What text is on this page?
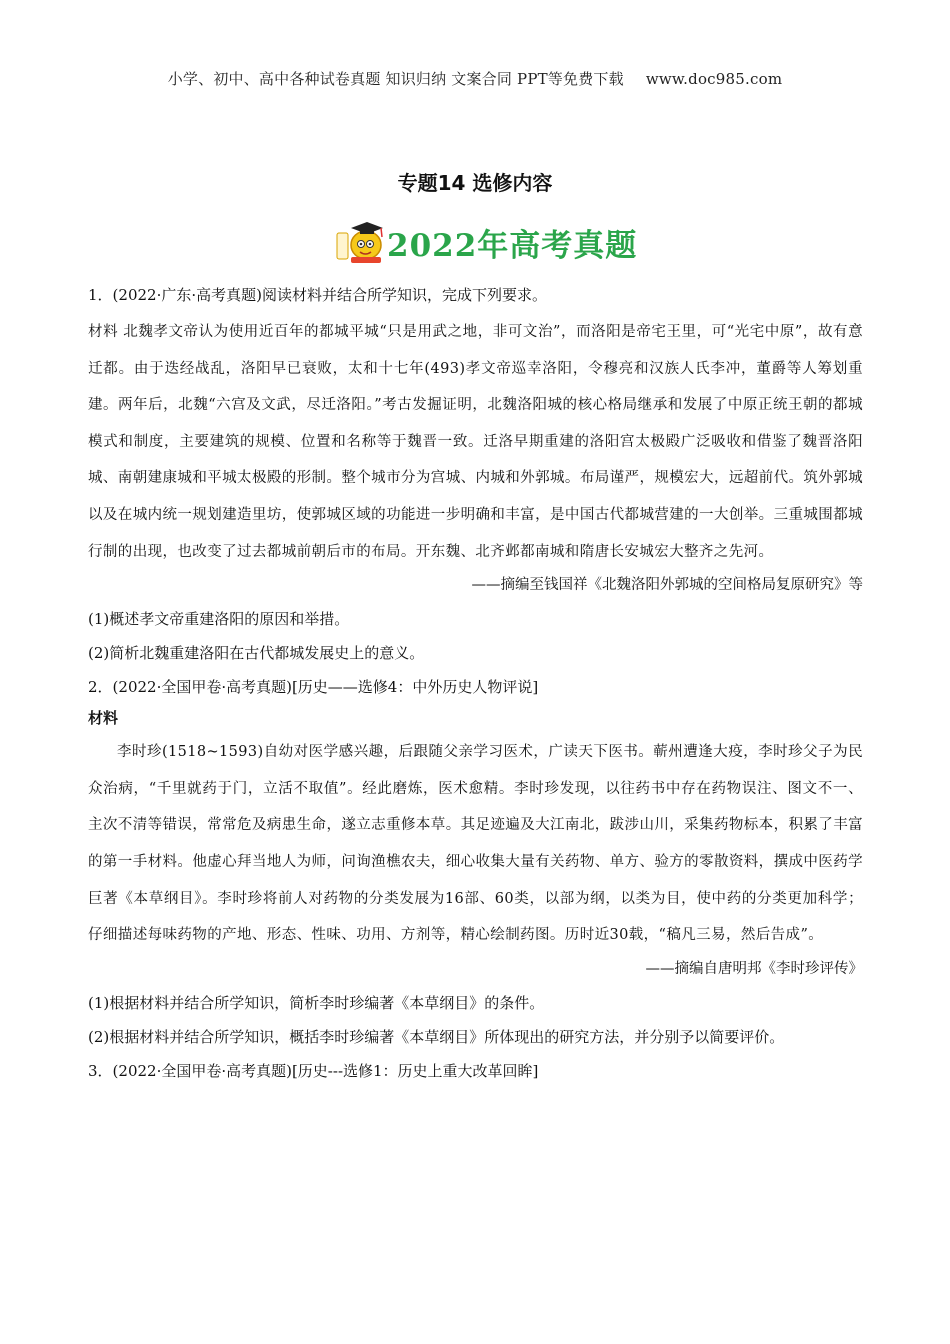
小学、初中、高中各种试卷真题 知识归纳 文案合同 PPT等免费下载 www.doc985.com
专题14 选修内容
2022年高考真题

1．(2022·广东·高考真题)阅读材料并结合所学知识，完成下列要求。

材料 北魏孝文帝认为使用近百年的都城平城“只是用武之地，非可文治”，而洛阳是帝宅王里，可“光宅中原”，故有意迁都。由于迭经战乱，洛阳早已衰败，太和十七年(493)孝文帝巡幸洛阳，令穆亮和汉族人氏李冲，董爵等人筹划重建。两年后，北魏“六宫及文武，尽迁洛阳。”考古发掘证明，北魏洛阳城的核心格局继承和发展了中原正统王朝的都城模式和制度，主要建筑的规模、位置和名称等于魏晋一致。迁洛早期重建的洛阳宫太极殿广泛吸收和借鉴了魏晋洛阳城、南朝建康城和平城太极殿的形制。整个城市分为宫城、内城和外郭城。布局谨严，规模宏大，远超前代。筑外郭城以及在城内统一规划建造里坊，使郭城区域的功能进一步明确和丰富，是中国古代都城营建的一大创举。三重城围都城行制的出现，也改变了过去都城前朝后市的布局。开东魏、北齐邺都南城和隋唐长安城宏大整齐之先河。

——摘编至钱国祥《北魏洛阳外郭城的空间格局复原研究》等

(1)概述孝文帝重建洛阳的原因和举措。

(2)简析北魏重建洛阳在古代都城发展史上的意义。

2．(2022·全国甲卷·高考真题)[历史——选修4：中外历史人物评说]

材料

李时珍(1518~1593)自幼对医学感兴趣，后跟随父亲学习医术，广读天下医书。蕲州遭逢大疫，李时珍父子为民众治病，“千里就药于门，立活不取值”。经此磨炼，医术愈精。李时珍发现，以往药书中存在药物误注、图文不一、主次不清等错误，常常危及病患生命，遂立志重修本草。其足迹遍及大江南北，跋涉山川，采集药物标本，积累了丰富的第一手材料。他虚心拜当地人为师，问询渔樵农夫，细心收集大量有关药物、单方、验方的零散资料，撰成中医药学巨著《本草纲目》。李时珍将前人对药物的分类发展为16部、60类，以部为纲，以类为目，使中药的分类更加科学；仔细描述每味药物的产地、形态、性味、功用、方剂等，精心绘制药图。历时近30载，“稿凡三易，然后告成”。

——摘编自唐明邦《李时珍评传》

(1)根据材料并结合所学知识，简析李时珍编著《本草纲目》的条件。

(2)根据材料并结合所学知识，概括李时珍编著《本草纲目》所体现出的研究方法，并分别予以简要评价。

3．(2022·全国甲卷·高考真题)[历史---选修1：历史上重大改革回眸]
